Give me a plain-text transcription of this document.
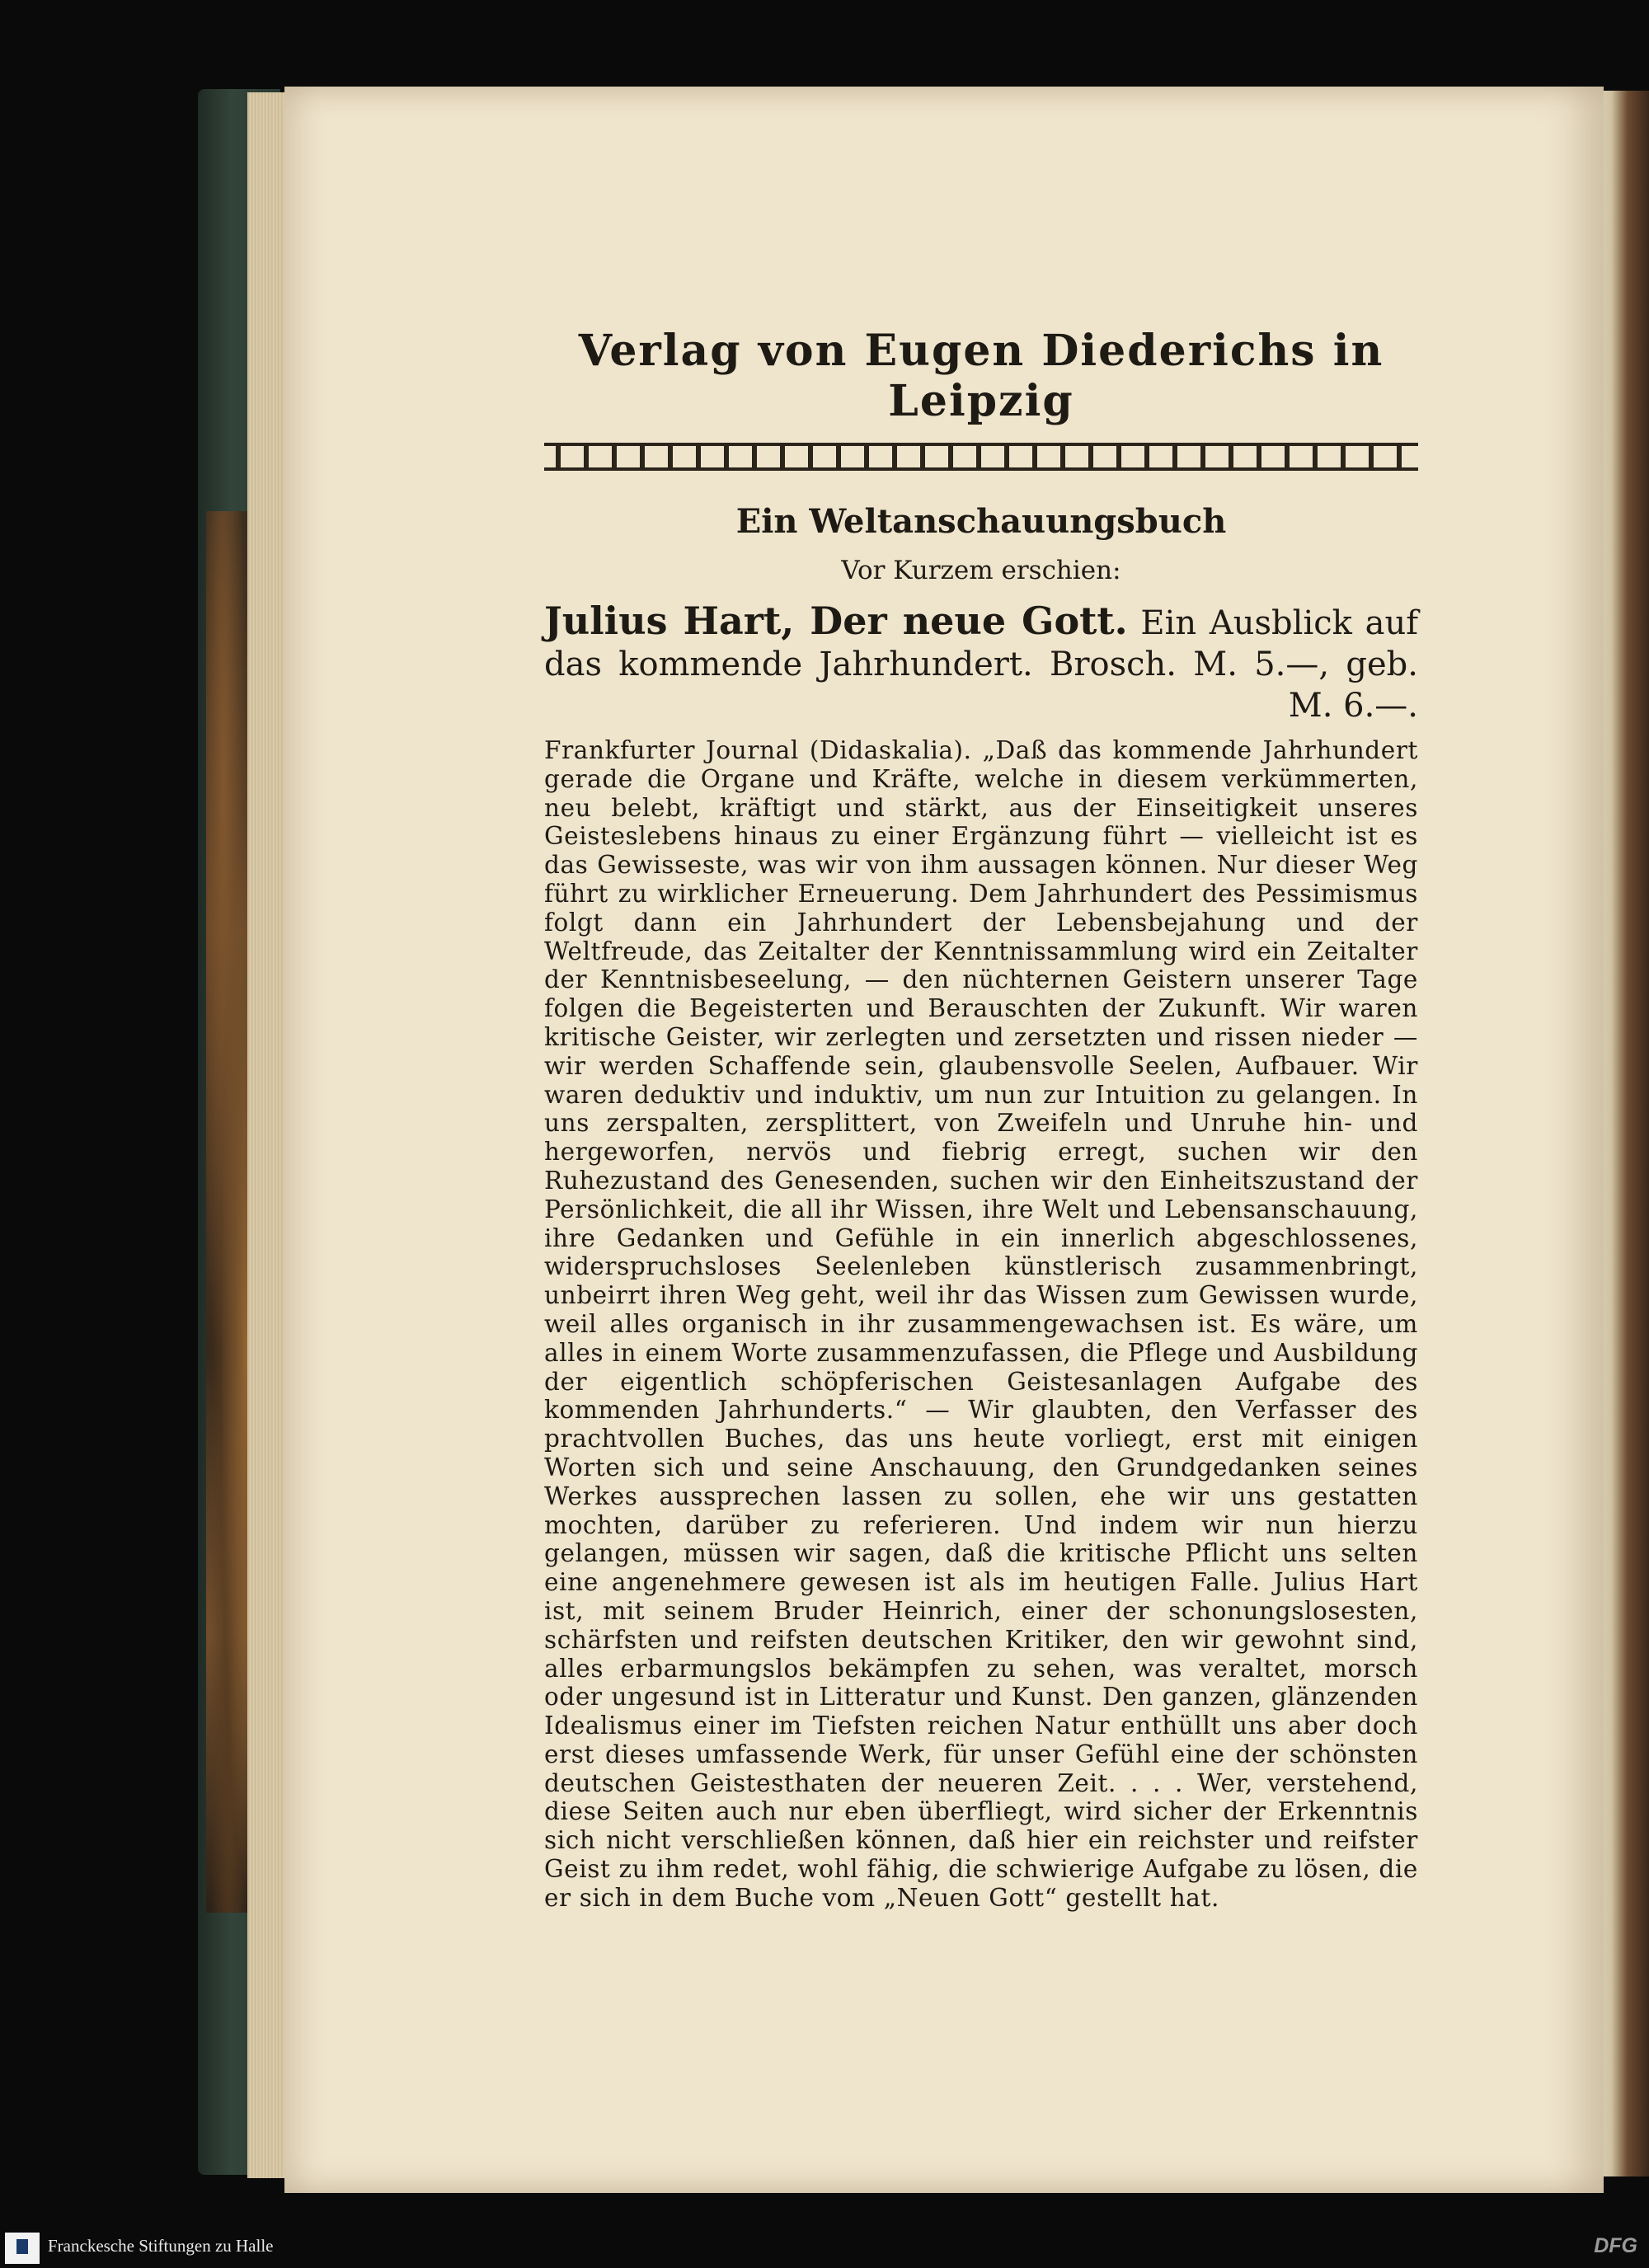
Verlag von Eugen Diederichs in Leipzig
Ein Weltanschauungsbuch

Vor Kurzem erschien:

Julius Hart, Der neue Gott. Ein Ausblick auf das kommende Jahrhundert. Brosch. M. 5.—, geb. M. 6.—.

Frankfurter Journal (Didaskalia). „Daß das kommende Jahrhundert gerade die Organe und Kräfte, welche in diesem verkümmerten, neu belebt, kräftigt und stärkt, aus der Einseitigkeit unseres Geisteslebens hinaus zu einer Ergänzung führt — vielleicht ist es das Gewisseste, was wir von ihm aussagen können. Nur dieser Weg führt zu wirklicher Erneuerung. Dem Jahrhundert des Pessimismus folgt dann ein Jahrhundert der Lebensbejahung und der Weltfreude, das Zeitalter der Kenntnissammlung wird ein Zeitalter der Kenntnisbeseelung, — den nüchternen Geistern unserer Tage folgen die Begeisterten und Berauschten der Zukunft. Wir waren kritische Geister, wir zerlegten und zersetzten und rissen nieder — wir werden Schaffende sein, glaubensvolle Seelen, Aufbauer. Wir waren deduktiv und induktiv, um nun zur Intuition zu gelangen. In uns zerspalten, zersplittert, von Zweifeln und Unruhe hin- und hergeworfen, nervös und fiebrig erregt, suchen wir den Ruhezustand des Genesenden, suchen wir den Einheitszustand der Persönlichkeit, die all ihr Wissen, ihre Welt und Lebensanschauung, ihre Gedanken und Gefühle in ein innerlich abgeschlossenes, widerspruchsloses Seelenleben künstlerisch zusammenbringt, unbeirrt ihren Weg geht, weil ihr das Wissen zum Gewissen wurde, weil alles organisch in ihr zusammengewachsen ist. Es wäre, um alles in einem Worte zusammenzufassen, die Pflege und Ausbildung der eigentlich schöpferischen Geistesanlagen Aufgabe des kommenden Jahrhunderts.“ — Wir glaubten, den Verfasser des prachtvollen Buches, das uns heute vorliegt, erst mit einigen Worten sich und seine Anschauung, den Grundgedanken seines Werkes aussprechen lassen zu sollen, ehe wir uns gestatten mochten, darüber zu referieren. Und indem wir nun hierzu gelangen, müssen wir sagen, daß die kritische Pflicht uns selten eine angenehmere gewesen ist als im heutigen Falle. Julius Hart ist, mit seinem Bruder Heinrich, einer der schonungslosesten, schärfsten und reifsten deutschen Kritiker, den wir gewohnt sind, alles erbarmungslos bekämpfen zu sehen, was veraltet, morsch oder ungesund ist in Litteratur und Kunst. Den ganzen, glänzenden Idealismus einer im Tiefsten reichen Natur enthüllt uns aber doch erst dieses umfassende Werk, für unser Gefühl eine der schönsten deutschen Geistesthaten der neueren Zeit. . . . Wer, verstehend, diese Seiten auch nur eben überfliegt, wird sicher der Erkenntnis sich nicht verschließen können, daß hier ein reichster und reifster Geist zu ihm redet, wohl fähig, die schwierige Aufgabe zu lösen, die er sich in dem Buche vom „Neuen Gott“ gestellt hat.

Franckesche Stiftungen zu Halle	DFG
